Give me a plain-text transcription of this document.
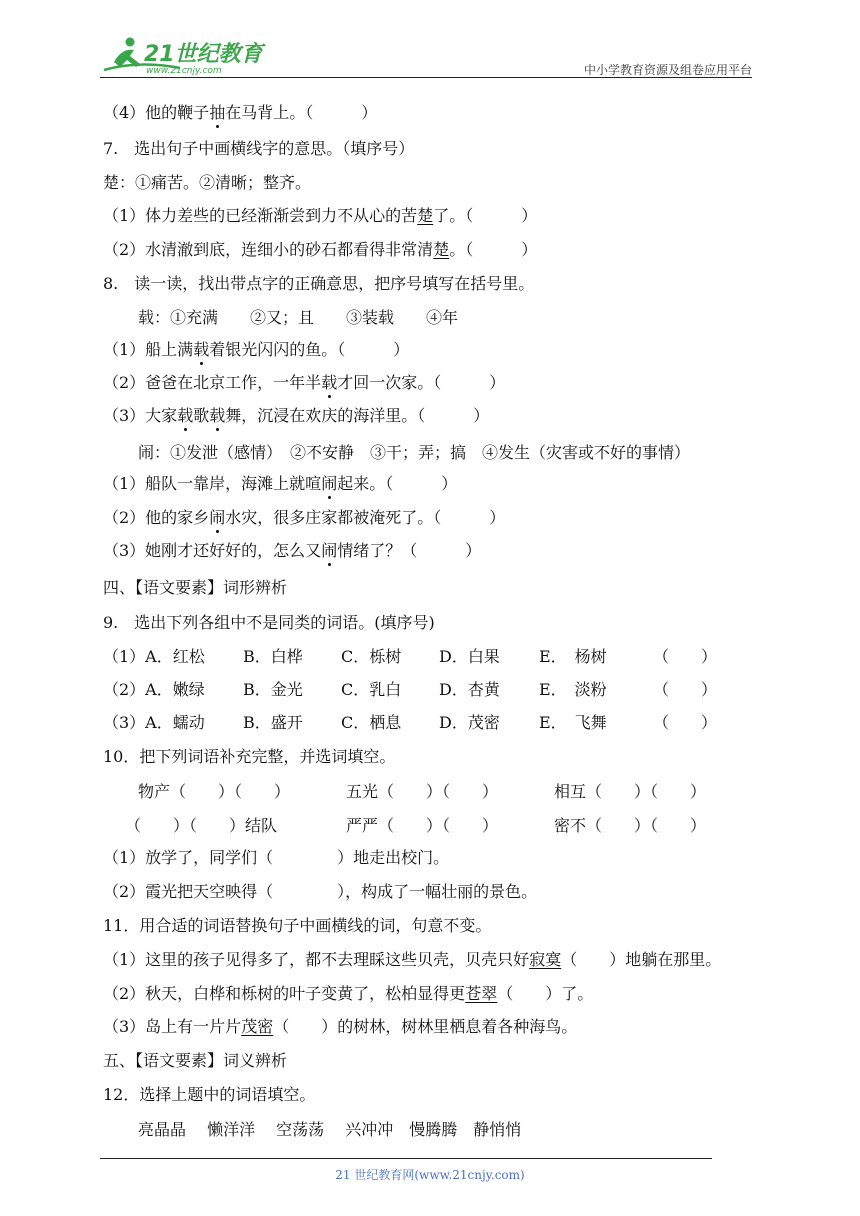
21世纪教育
www.21cnjy.com	中小学教育资源及组卷应用平台
（4）他的鞭子抽在马背上。（　　　）
7.　选出句子中画横线字的意思。（填序号）
楚：①痛苦。②清晰；整齐。
（1）体力差些的已经渐渐尝到力不从心的苦楚了。（　　　）
（2）水清澈到底，连细小的砂石都看得非常清楚。（　　　）
8.　读一读，找出带点字的正确意思，把序号填写在括号里。
载：①充满　　②又；且　　③装载　　④年
（1）船上满载着银光闪闪的鱼。（　　　）
（2）爸爸在北京工作，一年半载才回一次家。（　　　）
（3）大家载歌载舞，沉浸在欢庆的海洋里。（　　　）
闹：①发泄（感情）　②不安静　③干；弄；搞　④发生（灾害或不好的事情）
（1）船队一靠岸，海滩上就喧闹起来。（　　　）
（2）他的家乡闹水灾，很多庄家都被淹死了。（　　　）
（3）她刚才还好好的，怎么又闹情绪了？（　　　）
四、【语文要素】词形辨析
9.　选出下列各组中不是同类的词语。(填序号)
（1）A．红松 B．白桦 C．栎树 D．白果 E．　杨树	（　　）
（2）A．嫩绿 B．金光 C．乳白 D．杏黄 E．　淡粉	（　　）
（3）A．蠕动 B．盛开 C．栖息 D．茂密 E．　飞舞	（　　）
10．把下列词语补充完整，并选词填空。
物产（　　）（　　）	五光（　　）（　　）	相互（　　）（　　）
（　　）（　　）结队	严严（　　）（　　）	密不（　　）（　　）
（1）放学了，同学们（　　　　）地走出校门。
（2）霞光把天空映得（　　　　），构成了一幅壮丽的景色。
11．用合适的词语替换句子中画横线的词，句意不变。
（1）这里的孩子见得多了，都不去理睬这些贝壳，贝壳只好寂寞（　　）地躺在那里。
（2）秋天，白桦和栎树的叶子变黄了，松柏显得更苍翠（　　）了。
（3）岛上有一片片茂密（　　）的树林，树林里栖息着各种海鸟。
五、【语文要素】词义辨析
12．选择上题中的词语填空。
亮晶晶　 懒洋洋　 空荡荡　 兴冲冲　慢腾腾　静悄悄
21 世纪教育网(www.21cnjy.com)
